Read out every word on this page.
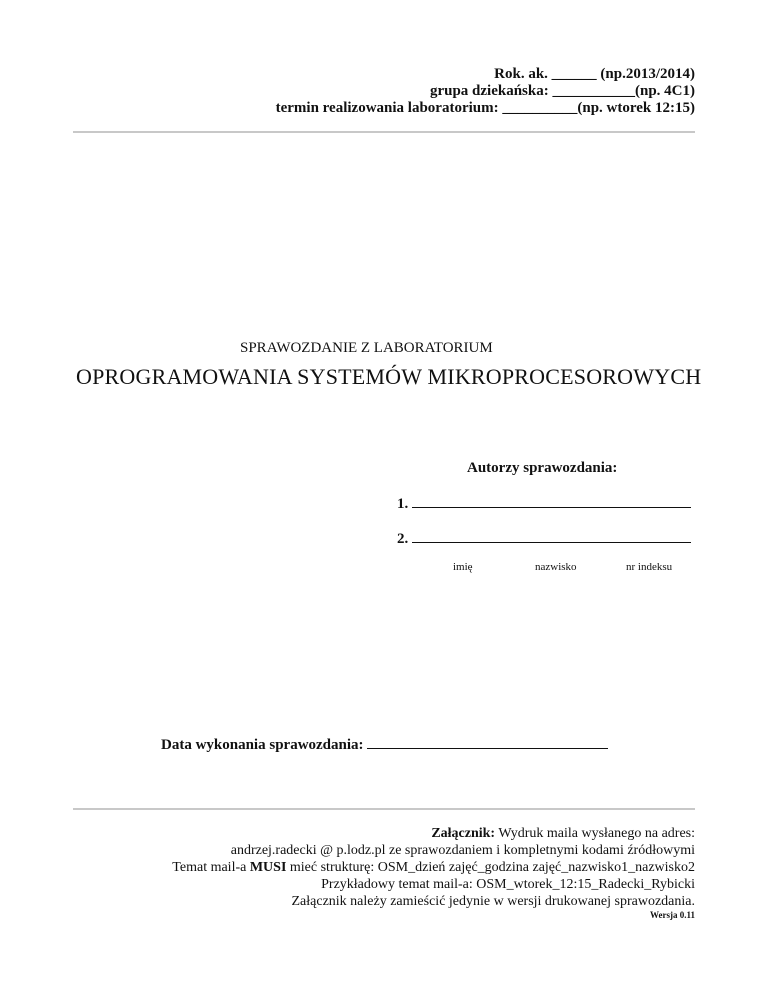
Rok. ak. ______ (np.2013/2014)
grupa dziekańska: ___________(np. 4C1)
termin realizowania laboratorium: __________(np. wtorek 12:15)
SPRAWOZDANIE Z LABORATORIUM
OPROGRAMOWANIA SYSTEMÓW MIKROPROCESOROWYCH
Autorzy sprawozdania:
1.
2.
imię	nazwisko	nr indeksu
Data wykonania sprawozdania:
Załącznik: Wydruk maila wysłanego na adres:
andrzej.radecki @ p.lodz.pl ze sprawozdaniem i kompletnymi kodami źródłowymi
Temat mail-a MUSI mieć strukturę: OSM_dzień zajęć_godzina zajęć_nazwisko1_nazwisko2
Przykładowy temat mail-a: OSM_wtorek_12:15_Radecki_Rybicki
Załącznik należy zamieścić jedynie w wersji drukowanej sprawozdania.
Wersja 0.11
